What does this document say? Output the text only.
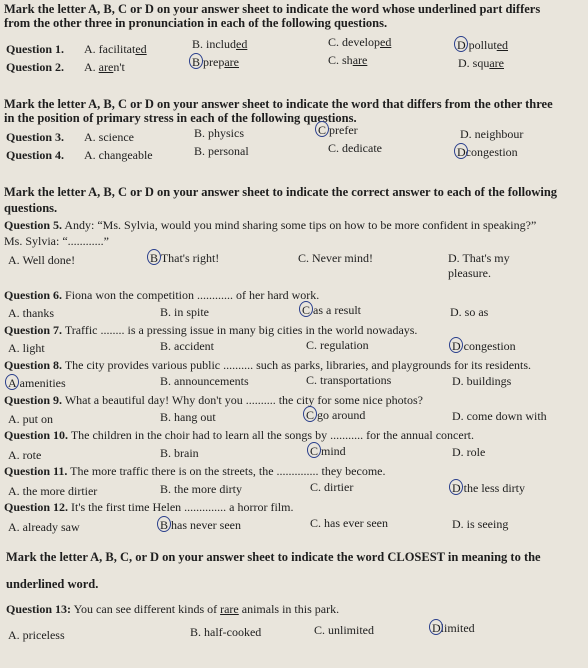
Mark the letter A, B, C or D on your answer sheet to indicate the word whose underlined part differs
from the other three in pronunciation in each of the following questions.
Question 1. A. facilitated	B. included	C. developed	D polluted
Question 2. A. aren't	B prepare	C. share	D. square
Mark the letter A, B, C or D on your answer sheet to indicate the word that differs from the other three
in the position of primary stress in each of the following questions.
Question 3. A. science	B. physics	C prefer	D. neighbour
Question 4. A. changeable	B. personal	C. dedicate	Dcongestion
Mark the letter A, B, C or D on your answer sheet to indicate the correct answer to each of the following
questions.
Question 5. Andy: “Ms. Sylvia, would you mind sharing some tips on how to be more confident in speaking?”
Ms. Sylvia: “............”
A. Well done!	B That's right!	C. Never mind!	D. That's my
pleasure.
Question 6. Fiona won the competition ............ of her hard work.
A. thanks	B. in spite	C as a result	D. so as
Question 7. Traffic ........ is a pressing issue in many big cities in the world nowadays.
A. light	B. accident	C. regulation	D congestion
Question 8. The city provides various public .......... such as parks, libraries, and playgrounds for its residents.
A amenities	B. announcements	C. transportations	D. buildings
Question 9. What a beautiful day! Why don't you .......... the city for some nice photos?
A. put on	B. hang out	C go around	D. come down with
Question 10. The children in the choir had to learn all the songs by ........... for the annual concert.
A. rote	B. brain	C mind	D. role
Question 11. The more traffic there is on the streets, the .............. they become.
A. the more dirtier	B. the more dirty	C. dirtier	D the less dirty
Question 12. It's the first time Helen .............. a horror film.
A. already saw	B has never seen	C. has ever seen	D. is seeing
Mark the letter A, B, C, or D on your answer sheet to indicate the word CLOSEST in meaning to the
underlined word.
Question 13: You can see different kinds of rare animals in this park.
A. priceless	B. half-cooked	C. unlimited	Dlimited
